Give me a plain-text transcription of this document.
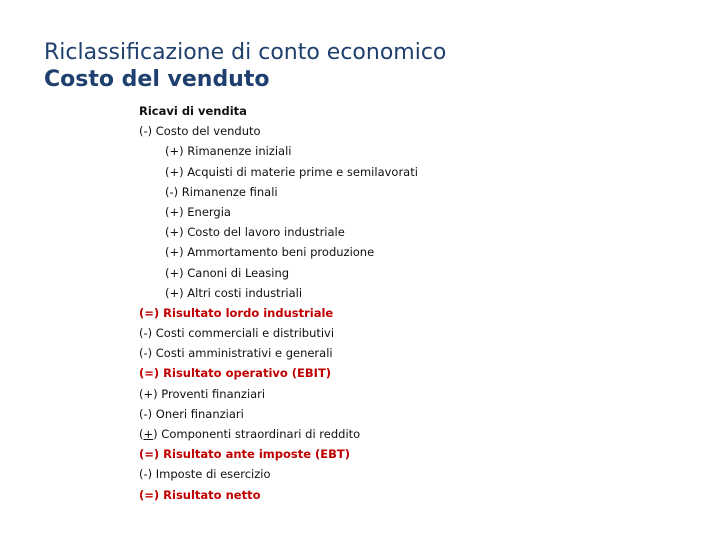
Riclassificazione di conto economico
Costo del venduto
Ricavi di vendita
(-) Costo del venduto
(+) Rimanenze iniziali
(+) Acquisti di materie prime e semilavorati
(-) Rimanenze finali
(+) Energia
(+) Costo del lavoro industriale
(+) Ammortamento beni produzione
(+) Canoni di Leasing
(+) Altri costi industriali
(=) Risultato lordo industriale
(-) Costi commerciali e distributivi
(-) Costi amministrativi e generali
(=) Risultato operativo (EBIT)
(+) Proventi finanziari
(-) Oneri finanziari
(+) Componenti straordinari di reddito
(=) Risultato ante imposte (EBT)
(-) Imposte di esercizio
(=) Risultato netto
